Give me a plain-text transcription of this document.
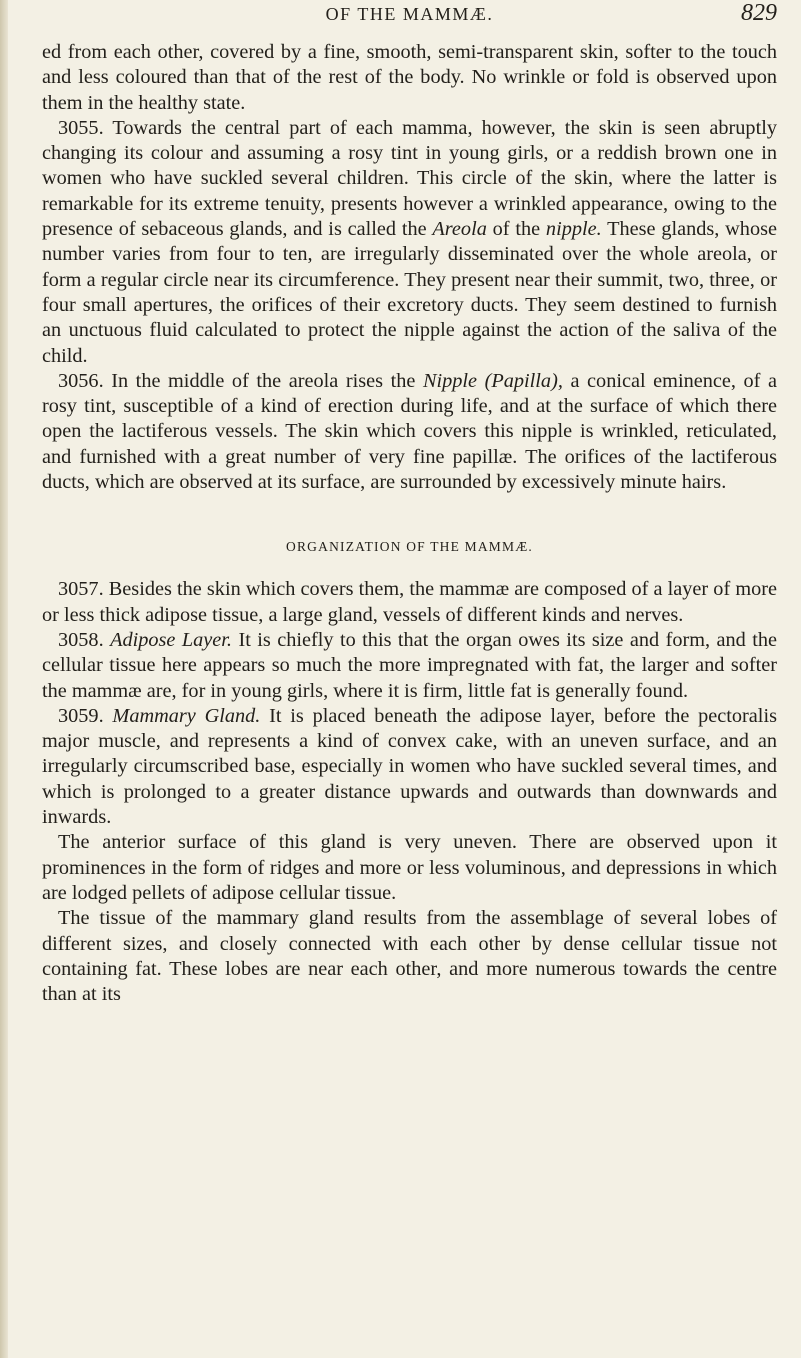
OF THE MAMMÆ.	829

ed from each other, covered by a fine, smooth, semi-transparent skin, softer to the touch and less coloured than that of the rest of the body. No wrinkle or fold is observed upon them in the healthy state.

3055. Towards the central part of each mamma, however, the skin is seen abruptly changing its colour and assuming a rosy tint in young girls, or a reddish brown one in women who have suckled several children. This circle of the skin, where the latter is remarkable for its extreme tenuity, presents however a wrinkled appearance, owing to the presence of sebaceous glands, and is called the Areola of the nipple. These glands, whose number varies from four to ten, are irregularly disseminated over the whole areola, or form a regular circle near its circumference. They present near their summit, two, three, or four small apertures, the orifices of their excretory ducts. They seem destined to furnish an unctuous fluid calculated to protect the nipple against the action of the saliva of the child.

3056. In the middle of the areola rises the Nipple (Papilla), a conical eminence, of a rosy tint, susceptible of a kind of erection during life, and at the surface of which there open the lactiferous vessels. The skin which covers this nipple is wrinkled, reticulated, and furnished with a great number of very fine papillæ. The orifices of the lactiferous ducts, which are observed at its surface, are surrounded by excessively minute hairs.

ORGANIZATION OF THE MAMMÆ.

3057. Besides the skin which covers them, the mammæ are composed of a layer of more or less thick adipose tissue, a large gland, vessels of different kinds and nerves.

3058. Adipose Layer. It is chiefly to this that the organ owes its size and form, and the cellular tissue here appears so much the more impregnated with fat, the larger and softer the mammæ are, for in young girls, where it is firm, little fat is generally found.

3059. Mammary Gland. It is placed beneath the adipose layer, before the pectoralis major muscle, and represents a kind of convex cake, with an uneven surface, and an irregularly circumscribed base, especially in women who have suckled several times, and which is prolonged to a greater distance upwards and outwards than downwards and inwards.

The anterior surface of this gland is very uneven. There are observed upon it prominences in the form of ridges and more or less voluminous, and depressions in which are lodged pellets of adipose cellular tissue.

The tissue of the mammary gland results from the assemblage of several lobes of different sizes, and closely connected with each other by dense cellular tissue not containing fat. These lobes are near each other, and more numerous towards the centre than at its
